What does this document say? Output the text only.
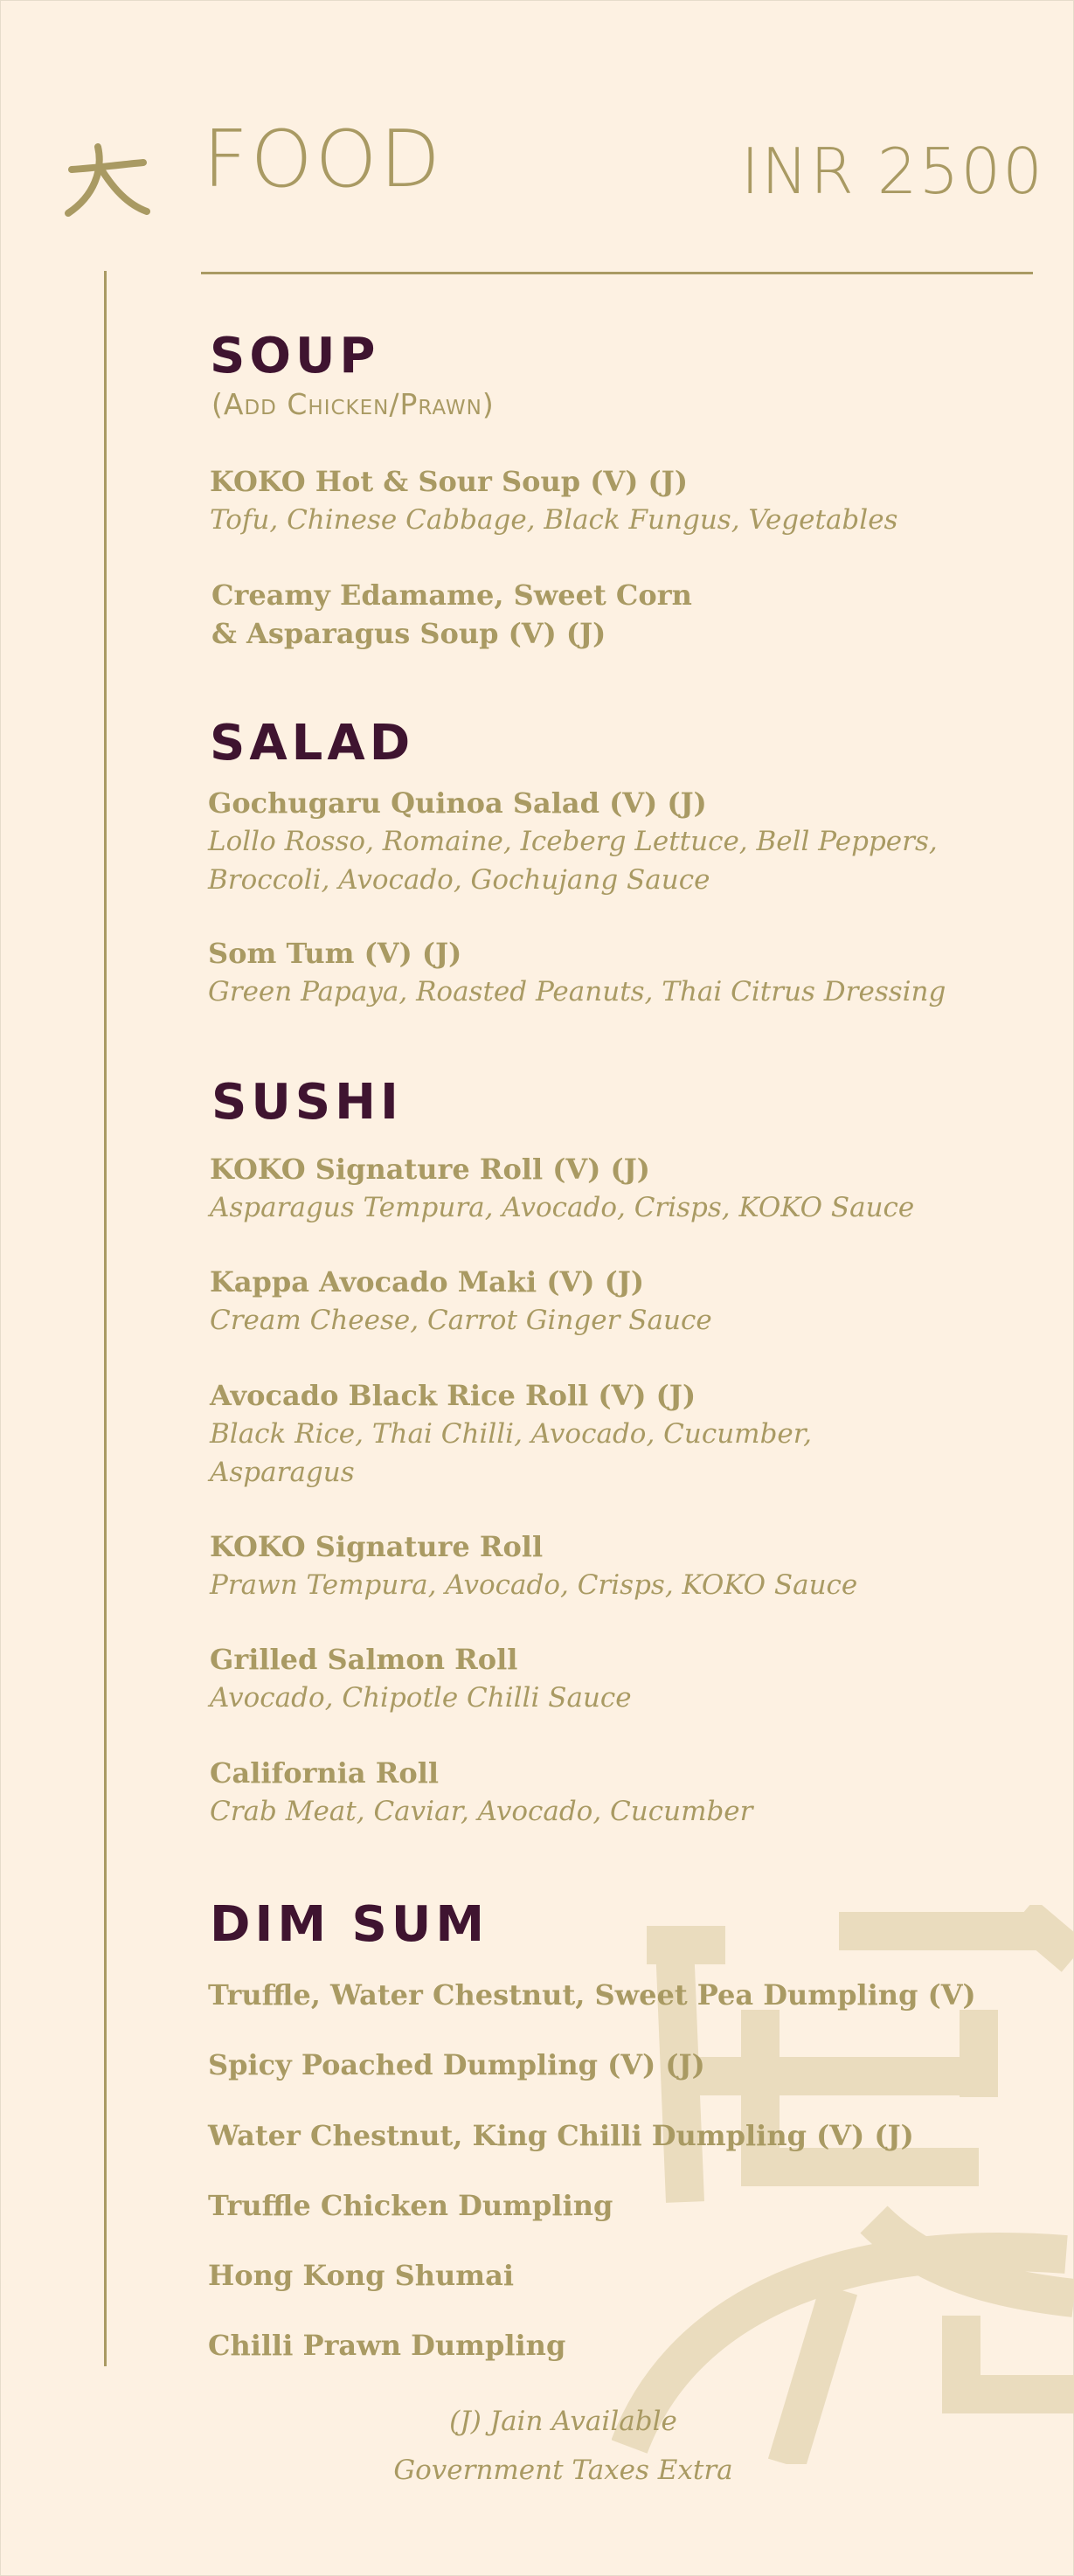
FOOD	INR 2500
SOUP
(Add Chicken/Prawn)
KOKO Hot & Sour Soup (V) (J)
Tofu, Chinese Cabbage, Black Fungus, Vegetables
Creamy Edamame, Sweet Corn
& Asparagus Soup (V) (J)
SALAD
Gochugaru Quinoa Salad (V) (J)
Lollo Rosso, Romaine, Iceberg Lettuce, Bell Peppers,
Broccoli, Avocado, Gochujang Sauce
Som Tum (V) (J)
Green Papaya, Roasted Peanuts, Thai Citrus Dressing
SUSHI
KOKO Signature Roll (V) (J)
Asparagus Tempura, Avocado, Crisps, KOKO Sauce
Kappa Avocado Maki (V) (J)
Cream Cheese, Carrot Ginger Sauce
Avocado Black Rice Roll (V) (J)
Black Rice, Thai Chilli, Avocado, Cucumber,
Asparagus
KOKO Signature Roll
Prawn Tempura, Avocado, Crisps, KOKO Sauce
Grilled Salmon Roll
Avocado, Chipotle Chilli Sauce
California Roll
Crab Meat, Caviar, Avocado, Cucumber
DIM SUM
Truffle, Water Chestnut, Sweet Pea Dumpling (V)
Spicy Poached Dumpling (V) (J)
Water Chestnut, King Chilli Dumpling (V) (J)
Truffle Chicken Dumpling
Hong Kong Shumai
Chilli Prawn Dumpling
(J) Jain Available
Government Taxes Extra
